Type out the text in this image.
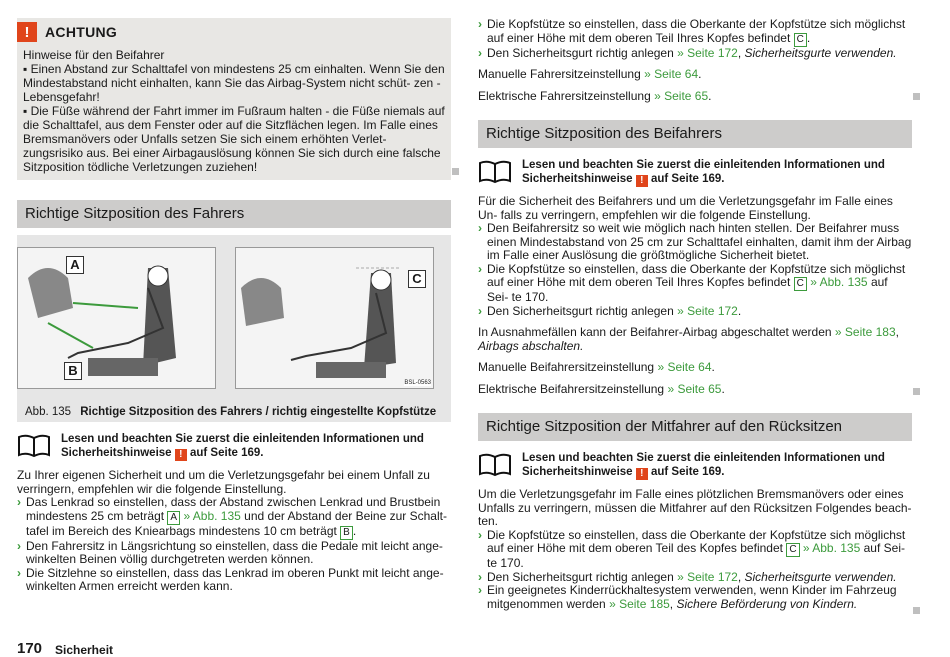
!	ACHTUNG
Hinweise für den Beifahrer
▪ Einen Abstand zur Schalttafel von mindestens 25 cm einhalten. Wenn Sie den Mindestabstand nicht einhalten, kann Sie das Airbag-System nicht schüt- zen - Lebensgefahr!
▪ Die Füße während der Fahrt immer im Fußraum halten - die Füße niemals auf die Schalttafel, aus dem Fenster oder auf die Sitzflächen legen. Im Falle eines Bremsmanövers oder Unfalls setzen Sie sich einem erhöhten Verlet- zungsrisiko aus. Bei einer Airbagauslösung können Sie sich durch eine falsche Sitzposition tödliche Verletzungen zuziehen!
Richtige Sitzposition des Fahrers
A
B
C
BSL-0563
Abb. 135 Richtige Sitzposition des Fahrers / richtig eingestellte Kopfstütze
Lesen und beachten Sie zuerst die einleitenden Informationen und Sicherheitshinweise ! auf Seite 169.

Zu Ihrer eigenen Sicherheit und um die Verletzungsgefahr bei einem Unfall zu verringern, empfehlen wir die folgende Einstellung.

› Das Lenkrad so einstellen, dass der Abstand zwischen Lenkrad und Brustbein mindestens 25 cm beträgt A » Abb. 135 und der Abstand der Beine zur Schalt- tafel im Bereich des Kniearbags mindestens 10 cm beträgt B .
› Den Fahrersitz in Längsrichtung so einstellen, dass die Pedale mit leicht ange- winkelten Beinen völlig durchgetreten werden können.
› Die Sitzlehne so einstellen, dass das Lenkrad im oberen Punkt mit leicht ange- winkelten Armen erreicht werden kann.
› Die Kopfstütze so einstellen, dass die Oberkante der Kopfstütze sich möglichst auf einer Höhe mit dem oberen Teil Ihres Kopfes befindet C .
› Den Sicherheitsgurt richtig anlegen » Seite 172, Sicherheitsgurte verwenden.

Manuelle Fahrersitzeinstellung » Seite 64.

Elektrische Fahrersitzeinstellung » Seite 65.

Richtige Sitzposition des Beifahrers
Lesen und beachten Sie zuerst die einleitenden Informationen und Sicherheitshinweise ! auf Seite 169.

Für die Sicherheit des Beifahrers und um die Verletzungsgefahr im Falle eines Un- falls zu verringern, empfehlen wir die folgende Einstellung.

› Den Beifahrersitz so weit wie möglich nach hinten stellen. Der Beifahrer muss einen Mindestabstand von 25 cm zur Schalttafel einhalten, damit ihm der Airbag im Falle einer Auslösung die größtmögliche Sicherheit bietet.
› Die Kopfstütze so einstellen, dass die Oberkante der Kopfstütze sich möglichst auf einer Höhe mit dem oberen Teil Ihres Kopfes befindet C » Abb. 135 auf Sei- te 170.
› Den Sicherheitsgurt richtig anlegen » Seite 172.

In Ausnahmefällen kann der Beifahrer-Airbag abgeschaltet werden » Seite 183, Airbags abschalten.

Manuelle Beifahrersitzeinstellung » Seite 64.

Elektrische Beifahrersitzeinstellung » Seite 65.

Richtige Sitzposition der Mitfahrer auf den Rücksitzen
Lesen und beachten Sie zuerst die einleitenden Informationen und Sicherheitshinweise ! auf Seite 169.

Um die Verletzungsgefahr im Falle eines plötzlichen Bremsmanövers oder eines Unfalls zu verringern, müssen die Mitfahrer auf den Rücksitzen Folgendes beach- ten.

› Die Kopfstütze so einstellen, dass die Oberkante der Kopfstütze sich möglichst auf einer Höhe mit dem oberen Teil des Kopfes befindet C » Abb. 135 auf Sei- te 170.
› Den Sicherheitsgurt richtig anlegen » Seite 172, Sicherheitsgurte verwenden.
› Ein geeignetes Kinderrückhaltesystem verwenden, wenn Kinder im Fahrzeug mitgenommen werden » Seite 185, Sichere Beförderung von Kindern.
170 Sicherheit
